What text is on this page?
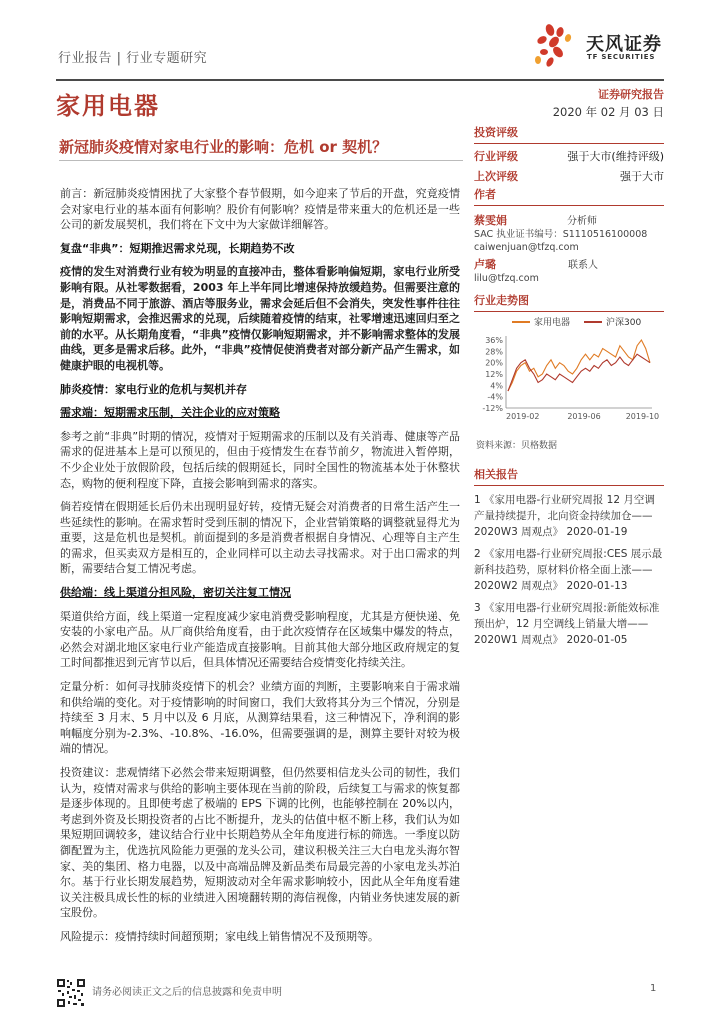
行业报告 | 行业专题研究
天风证券
TF SECURITIES
家用电器	证券研究报告
2020 年 02 月 03 日
新冠肺炎疫情对家电行业的影响：危机 or 契机？
前言：新冠肺炎疫情困扰了大家整个春节假期，如今迎来了节后的开盘，究竟疫情会对家电行业的基本面有何影响？股价有何影响？疫情是带来重大的危机还是一些公司的新发展契机，我们将在下文中为大家做详细解答。
复盘“非典”：短期推迟需求兑现，长期趋势不改
疫情的发生对消费行业有较为明显的直接冲击，整体看影响偏短期，家电行业所受影响有限。从社零数据看，2003 年上半年同比增速保持放缓趋势。但需要注意的是，消费品不同于旅游、酒店等服务业，需求会延后但不会消失，突发性事件往往影响短期需求，会推迟需求的兑现，后续随着疫情的结束，社零增速迅速回归至之前的水平。从长期角度看，“非典”疫情仅影响短期需求，并不影响需求整体的发展曲线，更多是需求后移。此外，“非典”疫情促使消费者对部分新产品产生需求，如健康护眼的电视机等。
肺炎疫情：家电行业的危机与契机并存
需求端：短期需求压制，关注企业的应对策略
参考之前“非典”时期的情况，疫情对于短期需求的压制以及有关消毒、健康等产品需求的促进基本上是可以预见的，但由于疫情发生在春节前夕，物流进入暂停期，不少企业处于放假阶段，包括后续的假期延长，同时全国性的物流基本处于休整状态，购物的便利程度下降，直接会影响到需求的落实。
倘若疫情在假期延长后仍未出现明显好转，疫情无疑会对消费者的日常生活产生一些延续性的影响。在需求暂时受到压制的情况下，企业营销策略的调整就显得尤为重要，这是危机也是契机。前面提到的多是消费者根据自身情况、心理等自主产生的需求，但买卖双方是相互的，企业同样可以主动去寻找需求。对于出口需求的判断，需要结合复工情况考虑。
供给端：线上渠道分担风险，密切关注复工情况
渠道供给方面，线上渠道一定程度减少家电消费受影响程度，尤其是方便快递、免安装的小家电产品。从厂商供给角度看，由于此次疫情存在区域集中爆发的特点，必然会对湖北地区家电行业产能造成直接影响。目前其他大部分地区政府规定的复工时间都推迟到元宵节以后，但具体情况还需要结合疫情变化持续关注。
定量分析：如何寻找肺炎疫情下的机会？业绩方面的判断，主要影响来自于需求端和供给端的变化。对于疫情影响的时间窗口，我们大致将其分为三个情况，分别是持续至 3 月末、5 月中以及 6 月底，从测算结果看，这三种情况下，净利润的影响幅度分别为-2.3%、-10.8%、-16.0%，但需要强调的是，测算主要针对较为极端的情况。
投资建议：悲观情绪下必然会带来短期调整，但仍然要相信龙头公司的韧性，我们认为，疫情对需求与供给的影响主要体现在当前的阶段，后续复工与需求的恢复都是逐步体现的。且即使考虑了极端的 EPS 下调的比例，也能够控制在 20%以内，考虑到外资及长期投资者的占比不断提升，龙头的估值中枢不断上移，我们认为如果短期回调较多，建议结合行业中长期趋势从全年角度进行标的筛选。一季度以防御配置为主，优选抗风险能力更强的龙头公司，建议积极关注三大白电龙头海尔智家、美的集团、格力电器，以及中高端品牌及新品类布局最完善的小家电龙头苏泊尔。基于行业长期发展趋势，短期波动对全年需求影响较小，因此从全年角度看建议关注极具成长性的标的业绩进入困境翻转期的海信视像，内销业务快速发展的新宝股份。
风险提示：疫情持续时间超预期；家电线上销售情况不及预期等。
投资评级
行业评级	强于大市(维持评级)
上次评级	强于大市
作者
蔡雯娟	分析师
SAC 执业证书编号：S1110516100008
caiwenjuan@tfzq.com
卢璐	联系人
lilu@tfzq.com
行业走势图
家用电器	沪深300
-12%
-4%
4%
12%
20%
28%
36%
2019-02	2019-06	2019-10
资料来源：贝格数据
相关报告
1 《家用电器-行业研究周报 12 月空调产量持续提升，北向资金持续加仓——2020W3 周观点》 2020-01-19
2 《家用电器-行业研究周报:CES 展示最新科技趋势，原材料价格全面上涨——2020W2 周观点》 2020-01-13
3 《家用电器-行业研究周报:新能效标准预出炉，12 月空调线上销量大增——2020W1 周观点》 2020-01-05
请务必阅读正文之后的信息披露和免责申明	1
